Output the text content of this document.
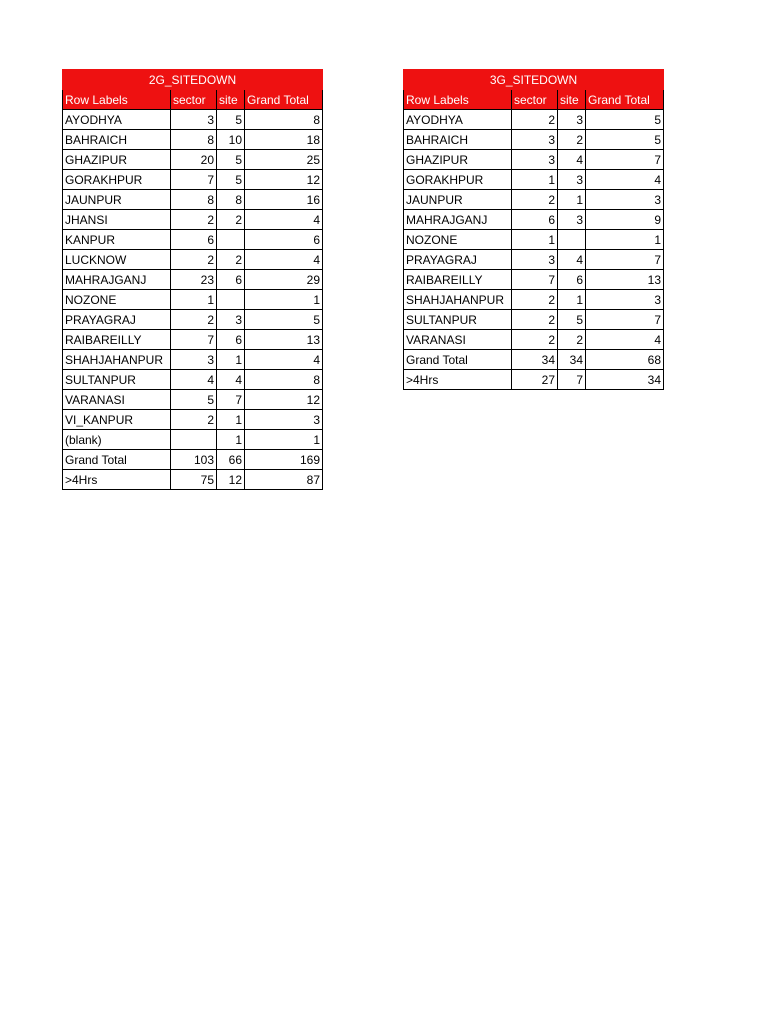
2G_SITEDOWN			
Row Labels	sector	site	Grand Total
AYODHYA	3	5	8
BAHRAICH	8	10	18
GHAZIPUR	20	5	25
GORAKHPUR	7	5	12
JAUNPUR	8	8	16
JHANSI	2	2	4
KANPUR	6		6
LUCKNOW	2	2	4
MAHRAJGANJ	23	6	29
NOZONE	1		1
PRAYAGRAJ	2	3	5
RAIBAREILLY	7	6	13
SHAHJAHANPUR	3	1	4
SULTANPUR	4	4	8
VARANASI	5	7	12
VI_KANPUR	2	1	3
(blank)		1	1
Grand Total	103	66	169
>4Hrs	75	12	87
3G_SITEDOWN			
Row Labels	sector	site	Grand Total
AYODHYA	2	3	5
BAHRAICH	3	2	5
GHAZIPUR	3	4	7
GORAKHPUR	1	3	4
JAUNPUR	2	1	3
MAHRAJGANJ	6	3	9
NOZONE	1		1
PRAYAGRAJ	3	4	7
RAIBAREILLY	7	6	13
SHAHJAHANPUR	2	1	3
SULTANPUR	2	5	7
VARANASI	2	2	4
Grand Total	34	34	68
>4Hrs	27	7	34
